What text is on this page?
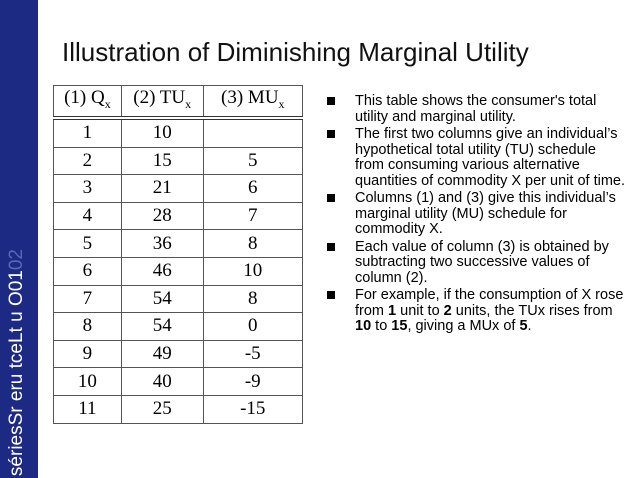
sériesSr eru tceLt u O0102
Illustration of Diminishing Marginal Utility
(1) $Q_x$	(2) $TU_x$	(3) $MU_x$
1	10	
2	15	5
3	21	6
4	28	7
5	36	8
6	46	10
7	54	8
8	54	0
9	49	-5
10	40	-9
11	25	-15
This table shows the consumer's total utility and marginal utility.
The first two columns give an individual’s hypothetical total utility (TU) schedule from consuming various alternative quantities of commodity X per unit of time.
Columns (1) and (3) give this individual’s marginal utility (MU) schedule for commodity X.
Each value of column (3) is obtained by subtracting two successive values of column (2).
For example, if the consumption of X rose from 1 unit to 2 units, the TUx rises from 10 to 15, giving a MUx of 5.
